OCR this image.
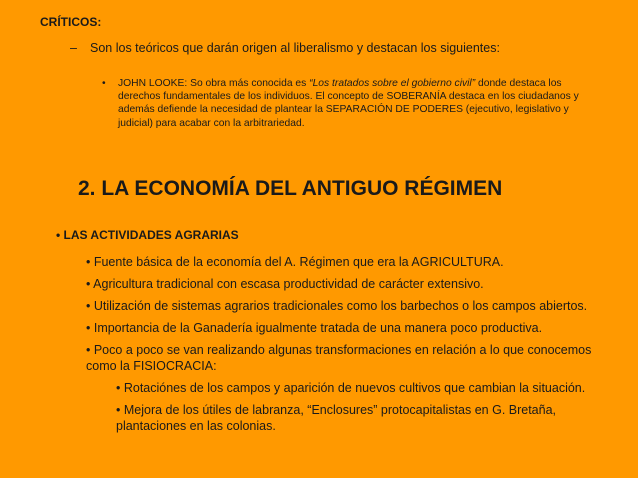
CRÍTICOS:
– Son los teóricos que darán origen al liberalismo y destacan los siguientes:
• JOHN LOOKE: So obra más conocida es “Los tratados sobre el gobierno civil” donde destaca los derechos fundamentales de los individuos. El concepto de SOBERANÍA destaca en los ciudadanos y además defiende la necesidad de plantear la SEPARACIÓN DE PODERES (ejecutivo, legislativo y judicial) para acabar con la arbitrariedad.
2. LA ECONOMÍA DEL ANTIGUO RÉGIMEN
• LAS ACTIVIDADES AGRARIAS
• Fuente básica de la economía del A. Régimen que era la AGRICULTURA.
• Agricultura tradicional con escasa productividad de carácter extensivo.
• Utilización de sistemas agrarios tradicionales como los barbechos o los campos abiertos.
• Importancia de la Ganadería igualmente tratada de una manera poco productiva.
• Poco a poco se van realizando algunas transformaciones en relación a lo que conocemos como la FISIOCRACIA:
• Rotaciónes de los campos y aparición de nuevos cultivos que cambian la situación.
• Mejora de los útiles de labranza, “Enclosures” protocapitalistas en G. Bretaña, plantaciones en las colonias.
